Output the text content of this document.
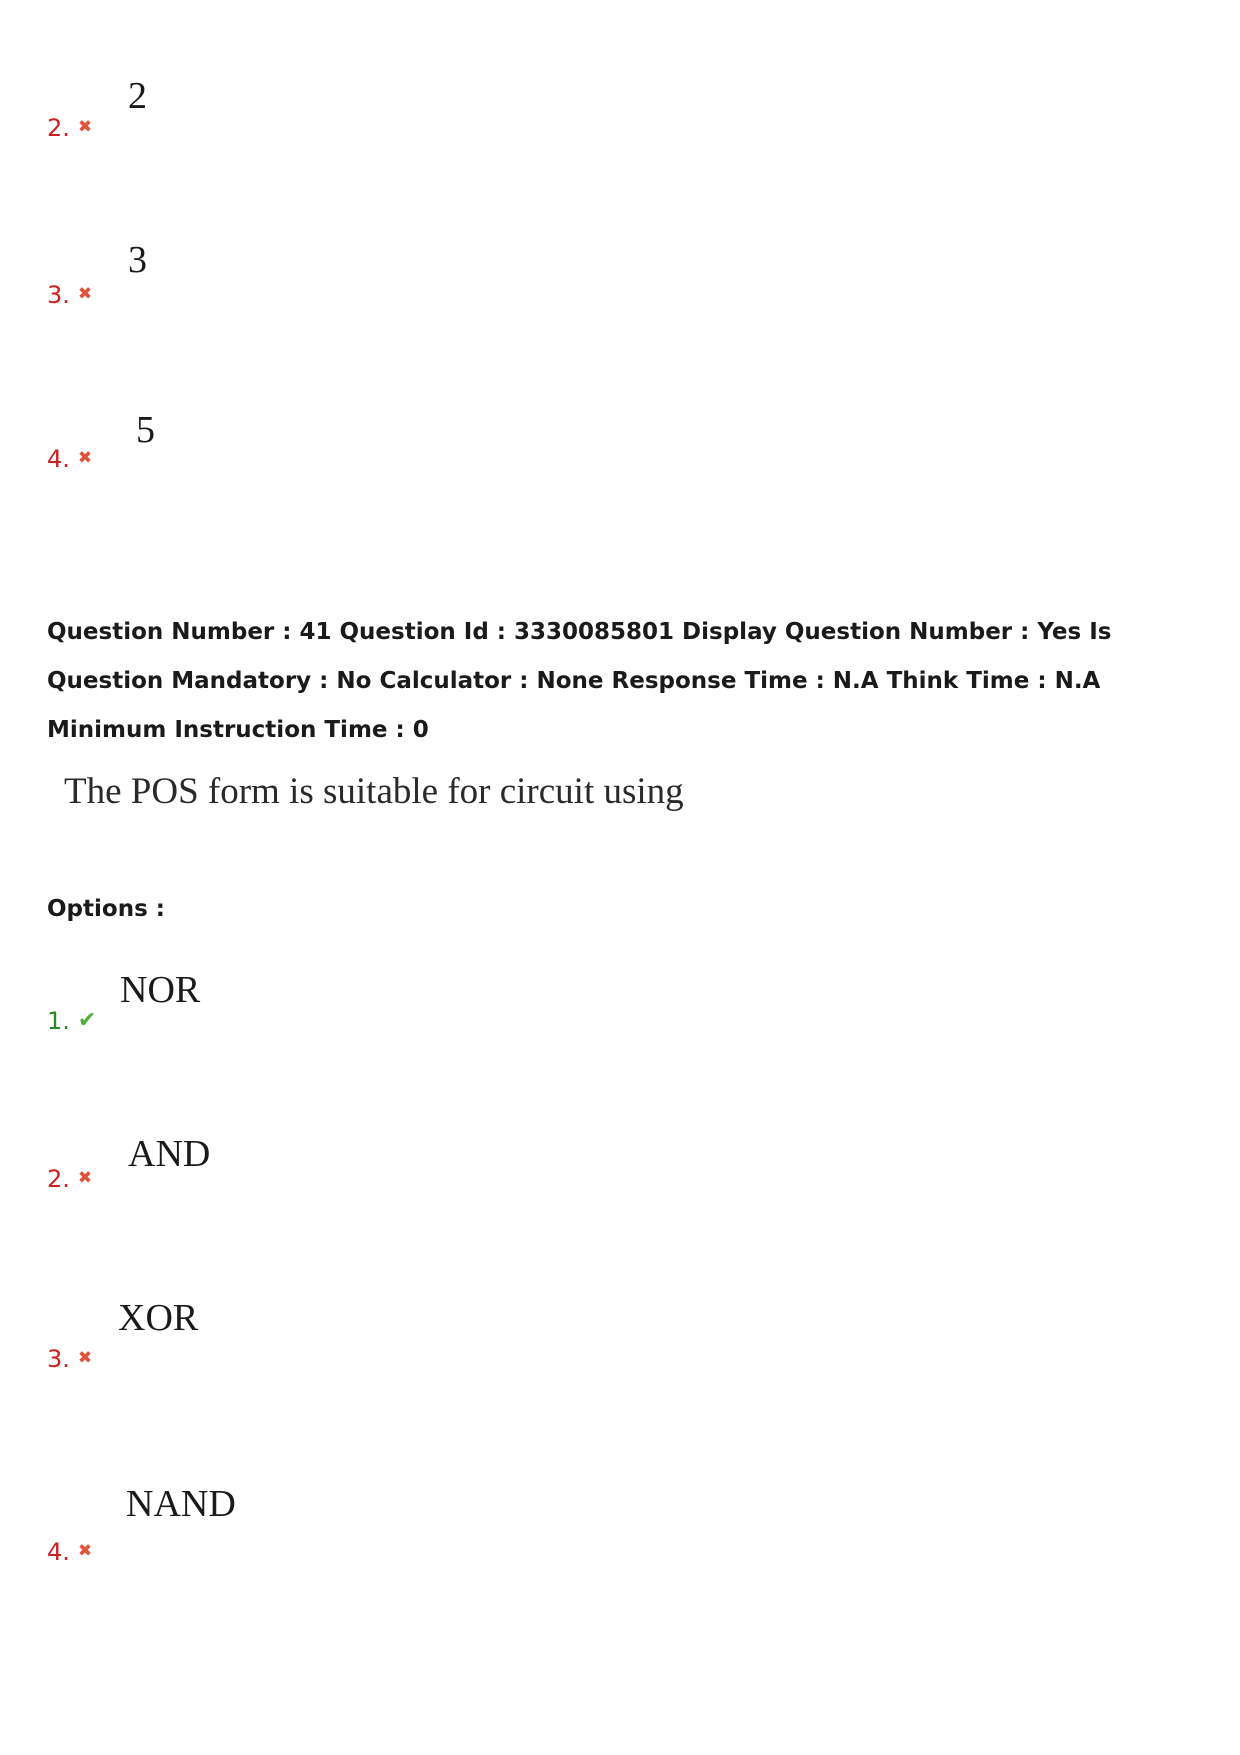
2. ✖
2
3. ✖
3
4. ✖
5
Question Number : 41 Question Id : 3330085801 Display Question Number : Yes Is Question Mandatory : No Calculator : None Response Time : N.A Think Time : N.A Minimum Instruction Time : 0
The POS form is suitable for circuit using
Options :
1. ✔
NOR
2. ✖
AND
3. ✖
XOR
4. ✖
NAND
